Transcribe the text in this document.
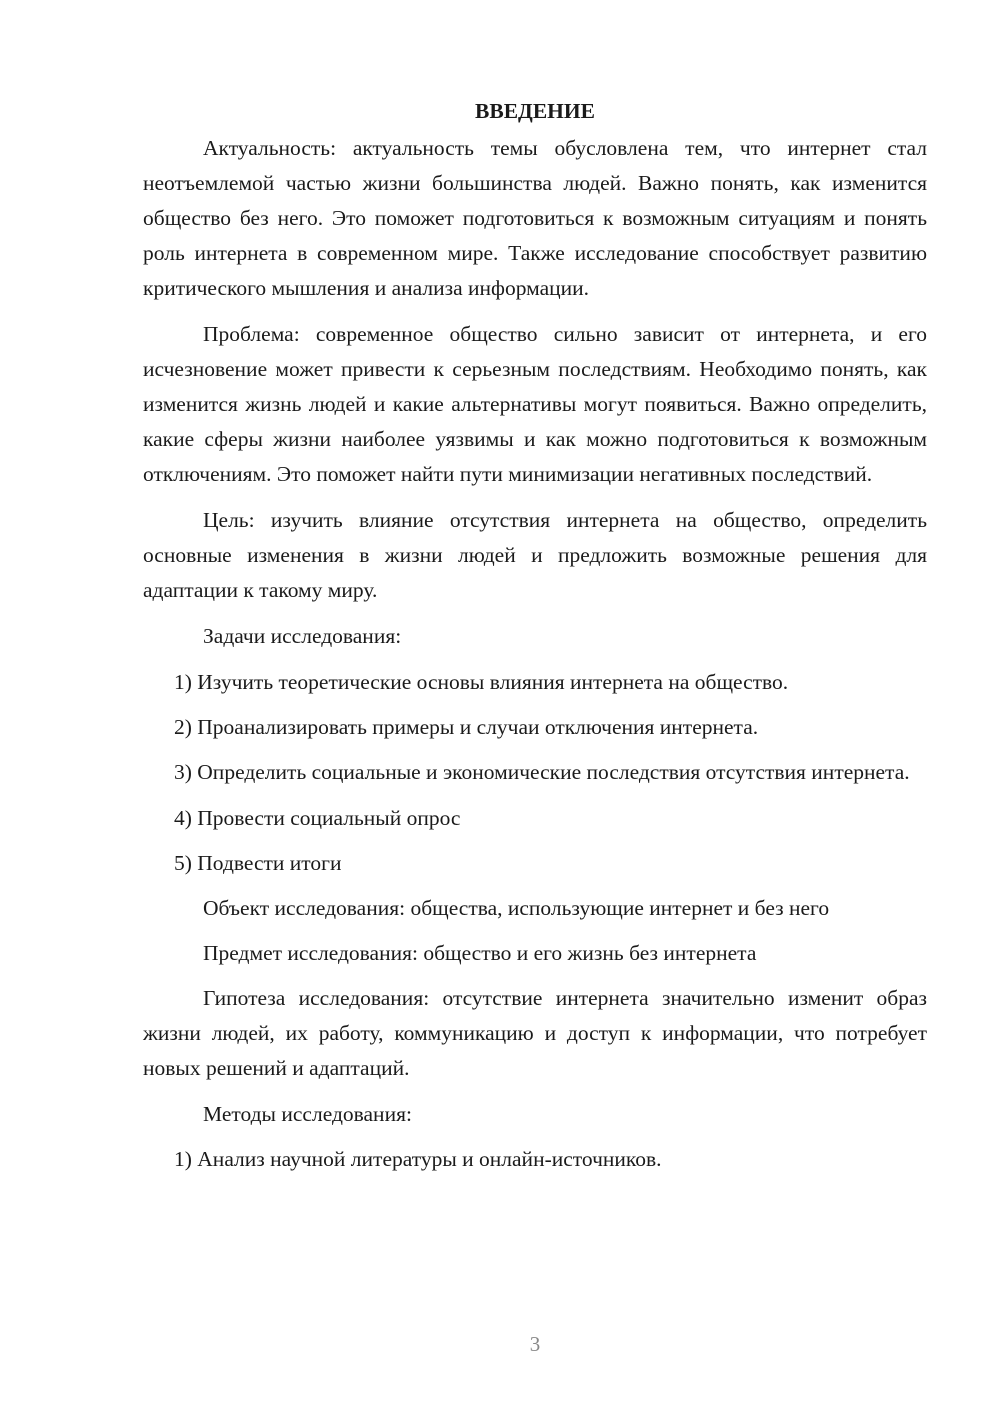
ВВЕДЕНИЕ

Актуальность: актуальность темы обусловлена тем, что интернет стал неотъемлемой частью жизни большинства людей. Важно понять, как изменится общество без него. Это поможет подготовиться к возможным ситуациям и понять роль интернета в современном мире. Также исследование способствует развитию критического мышления и анализа информации.

Проблема: современное общество сильно зависит от интернета, и его исчезновение может привести к серьезным последствиям. Необходимо понять, как изменится жизнь людей и какие альтернативы могут появиться. Важно определить, какие сферы жизни наиболее уязвимы и как можно подготовиться к возможным отключениям. Это поможет найти пути минимизации негативных последствий.

Цель: изучить влияние отсутствия интернета на общество, определить основные изменения в жизни людей и предложить возможные решения для адаптации к такому миру.

Задачи исследования:

1) Изучить теоретические основы влияния интернета на общество.

2) Проанализировать примеры и случаи отключения интернета.

3) Определить социальные и экономические последствия отсутствия интернета.

4) Провести социальный опрос

5) Подвести итоги

Объект исследования: общества, использующие интернет и без него

Предмет исследования: общество и его жизнь без интернета

Гипотеза исследования: отсутствие интернета значительно изменит образ жизни людей, их работу, коммуникацию и доступ к информации, что потребует новых решений и адаптаций.

Методы исследования:

1) Анализ научной литературы и онлайн-источников.

3
